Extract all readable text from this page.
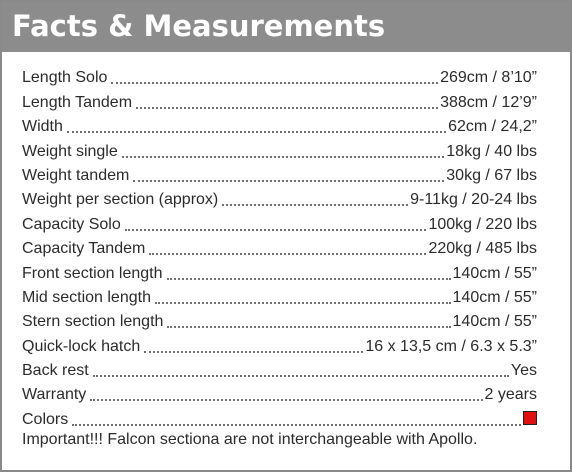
Facts & Measurements
Length Solo	269cm / 8’10”
Length Tandem	388cm / 12’9”
Width	62cm / 24,2”
Weight single	18kg / 40 lbs
Weight tandem	30kg / 67 lbs
Weight per section (approx)	9-11kg / 20-24 lbs
Capacity Solo	100kg / 220 lbs
Capacity Tandem	220kg / 485 lbs
Front section length	140cm / 55”
Mid section length	140cm / 55”
Stern section length	140cm / 55”
Quick-lock hatch	16 x 13,5 cm / 6.3 x 5.3”
Back rest	Yes
Warranty	2 years
Colors
Important!!! Falcon sectiona are not interchangeable with Apollo.
